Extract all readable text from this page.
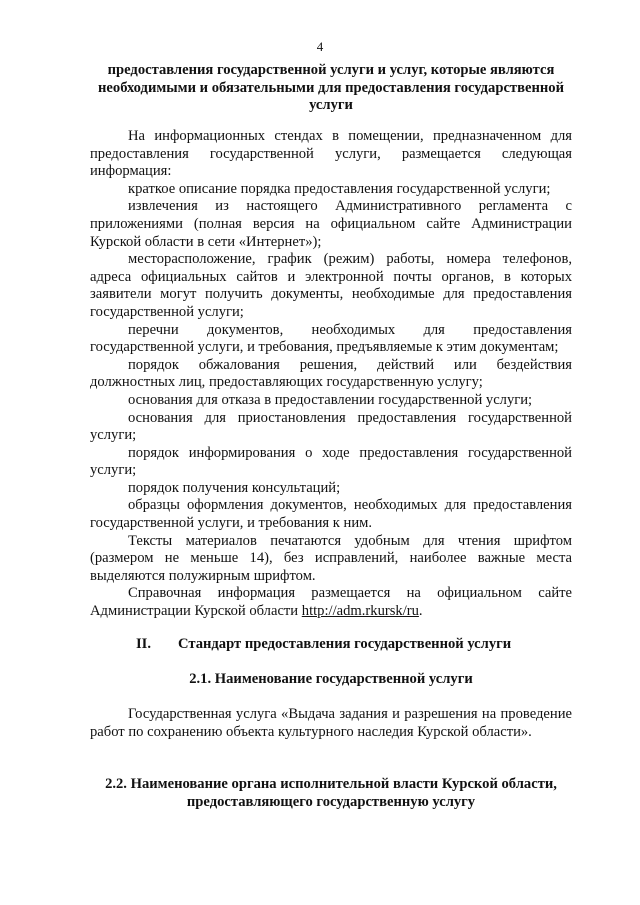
4
предоставления государственной услуги и услуг, которые являются необходимыми и обязательными для предоставления государственной услуги

На информационных стендах в помещении, предназначенном для предоставления государственной услуги, размещается следующая информация:

краткое описание порядка предоставления государственной услуги;

извлечения из настоящего Административного регламента с приложениями (полная версия на официальном сайте Администрации Курской области в сети «Интернет»);

месторасположение, график (режим) работы, номера телефонов, адреса официальных сайтов и электронной почты органов, в которых заявители могут получить документы, необходимые для предоставления государственной услуги;

перечни документов, необходимых для предоставления государственной услуги, и требования, предъявляемые к этим документам;

порядок обжалования решения, действий или бездействия должностных лиц, предоставляющих государственную услугу;

основания для отказа в предоставлении государственной услуги;

основания для приостановления предоставления государственной услуги;

порядок информирования о ходе предоставления государственной услуги;

порядок получения консультаций;

образцы оформления документов, необходимых для предоставления государственной услуги, и требования к ним.

Тексты материалов печатаются удобным для чтения шрифтом (размером не меньше 14), без исправлений, наиболее важные места выделяются полужирным шрифтом.

Справочная информация размещается на официальном сайте Администрации Курской области http://adm.rkursk/ru.

II. Стандарт предоставления государственной услуги
2.1. Наименование государственной услуги
Государственная услуга «Выдача задания и разрешения на проведение работ по сохранению объекта культурного наследия Курской области».
2.2. Наименование органа исполнительной власти Курской области, предоставляющего государственную услугу
